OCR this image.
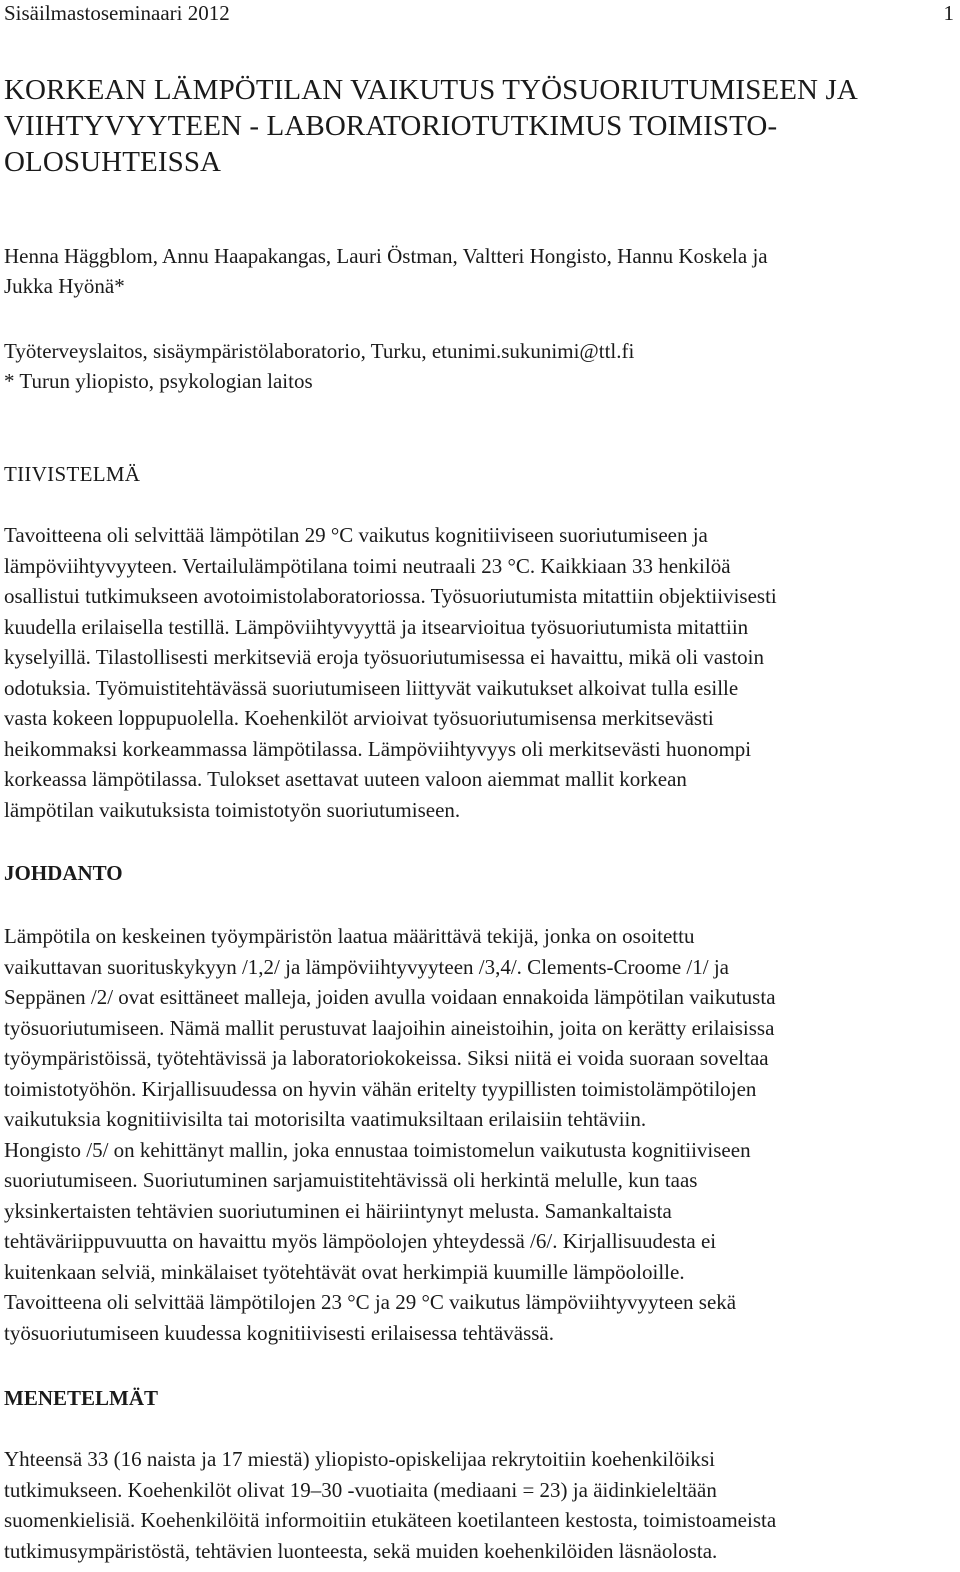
Sisäilmastoseminaari 2012	1
KORKEAN LÄMPÖTILAN VAIKUTUS TYÖSUORIUTUMISEEN JA
VIIHTYVYYTEEN - LABORATORIOTUTKIMUS TOIMISTO-
OLOSUHTEISSA
Henna Häggblom, Annu Haapakangas, Lauri Östman, Valtteri Hongisto, Hannu Koskela ja
Jukka Hyönä*
Työterveyslaitos, sisäympäristölaboratorio, Turku, etunimi.sukunimi@ttl.fi
* Turun yliopisto, psykologian laitos
TIIVISTELMÄ
Tavoitteena oli selvittää lämpötilan 29 °C vaikutus kognitiiviseen suoriutumiseen ja
lämpöviihtyvyyteen. Vertailulämpötilana toimi neutraali 23 °C. Kaikkiaan 33 henkilöä
osallistui tutkimukseen avotoimistolaboratoriossa. Työsuoriutumista mitattiin objektiivisesti
kuudella erilaisella testillä. Lämpöviihtyvyyttä ja itsearvioitua työsuoriutumista mitattiin
kyselyillä. Tilastollisesti merkitseviä eroja työsuoriutumisessa ei havaittu, mikä oli vastoin
odotuksia. Työmuistitehtävässä suoriutumiseen liittyvät vaikutukset alkoivat tulla esille
vasta kokeen loppupuolella. Koehenkilöt arvioivat työsuoriutumisensa merkitsevästi
heikommaksi korkeammassa lämpötilassa. Lämpöviihtyvyys oli merkitsevästi huonompi
korkeassa lämpötilassa. Tulokset asettavat uuteen valoon aiemmat mallit korkean
lämpötilan vaikutuksista toimistotyön suoriutumiseen.
JOHDANTO
Lämpötila on keskeinen työympäristön laatua määrittävä tekijä, jonka on osoitettu
vaikuttavan suorituskykyyn /1,2/ ja lämpöviihtyvyyteen /3,4/. Clements-Croome /1/ ja
Seppänen /2/ ovat esittäneet malleja, joiden avulla voidaan ennakoida lämpötilan vaikutusta
työsuoriutumiseen. Nämä mallit perustuvat laajoihin aineistoihin, joita on kerätty erilaisissa
työympäristöissä, työtehtävissä ja laboratoriokokeissa. Siksi niitä ei voida suoraan soveltaa
toimistotyöhön. Kirjallisuudessa on hyvin vähän eritelty tyypillisten toimistolämpötilojen
vaikutuksia kognitiivisilta tai motorisilta vaatimuksiltaan erilaisiin tehtäviin.
Hongisto /5/ on kehittänyt mallin, joka ennustaa toimistomelun vaikutusta kognitiiviseen
suoriutumiseen. Suoriutuminen sarjamuistitehtävissä oli herkintä melulle, kun taas
yksinkertaisten tehtävien suoriutuminen ei häiriintynyt melusta. Samankaltaista
tehtäväriippuvuutta on havaittu myös lämpöolojen yhteydessä /6/. Kirjallisuudesta ei
kuitenkaan selviä, minkälaiset työtehtävät ovat herkimpiä kuumille lämpöoloille.
Tavoitteena oli selvittää lämpötilojen 23 °C ja 29 °C vaikutus lämpöviihtyvyyteen sekä
työsuoriutumiseen kuudessa kognitiivisesti erilaisessa tehtävässä.
MENETELMÄT
Yhteensä 33 (16 naista ja 17 miestä) yliopisto-opiskelijaa rekrytoitiin koehenkilöiksi
tutkimukseen. Koehenkilöt olivat 19–30 -vuotiaita (mediaani = 23) ja äidinkieleltään
suomenkielisiä. Koehenkilöitä informoitiin etukäteen koetilanteen kestosta, toimistoameista
tutkimusympäristöstä, tehtävien luonteesta, sekä muiden koehenkilöiden läsnäolosta.
